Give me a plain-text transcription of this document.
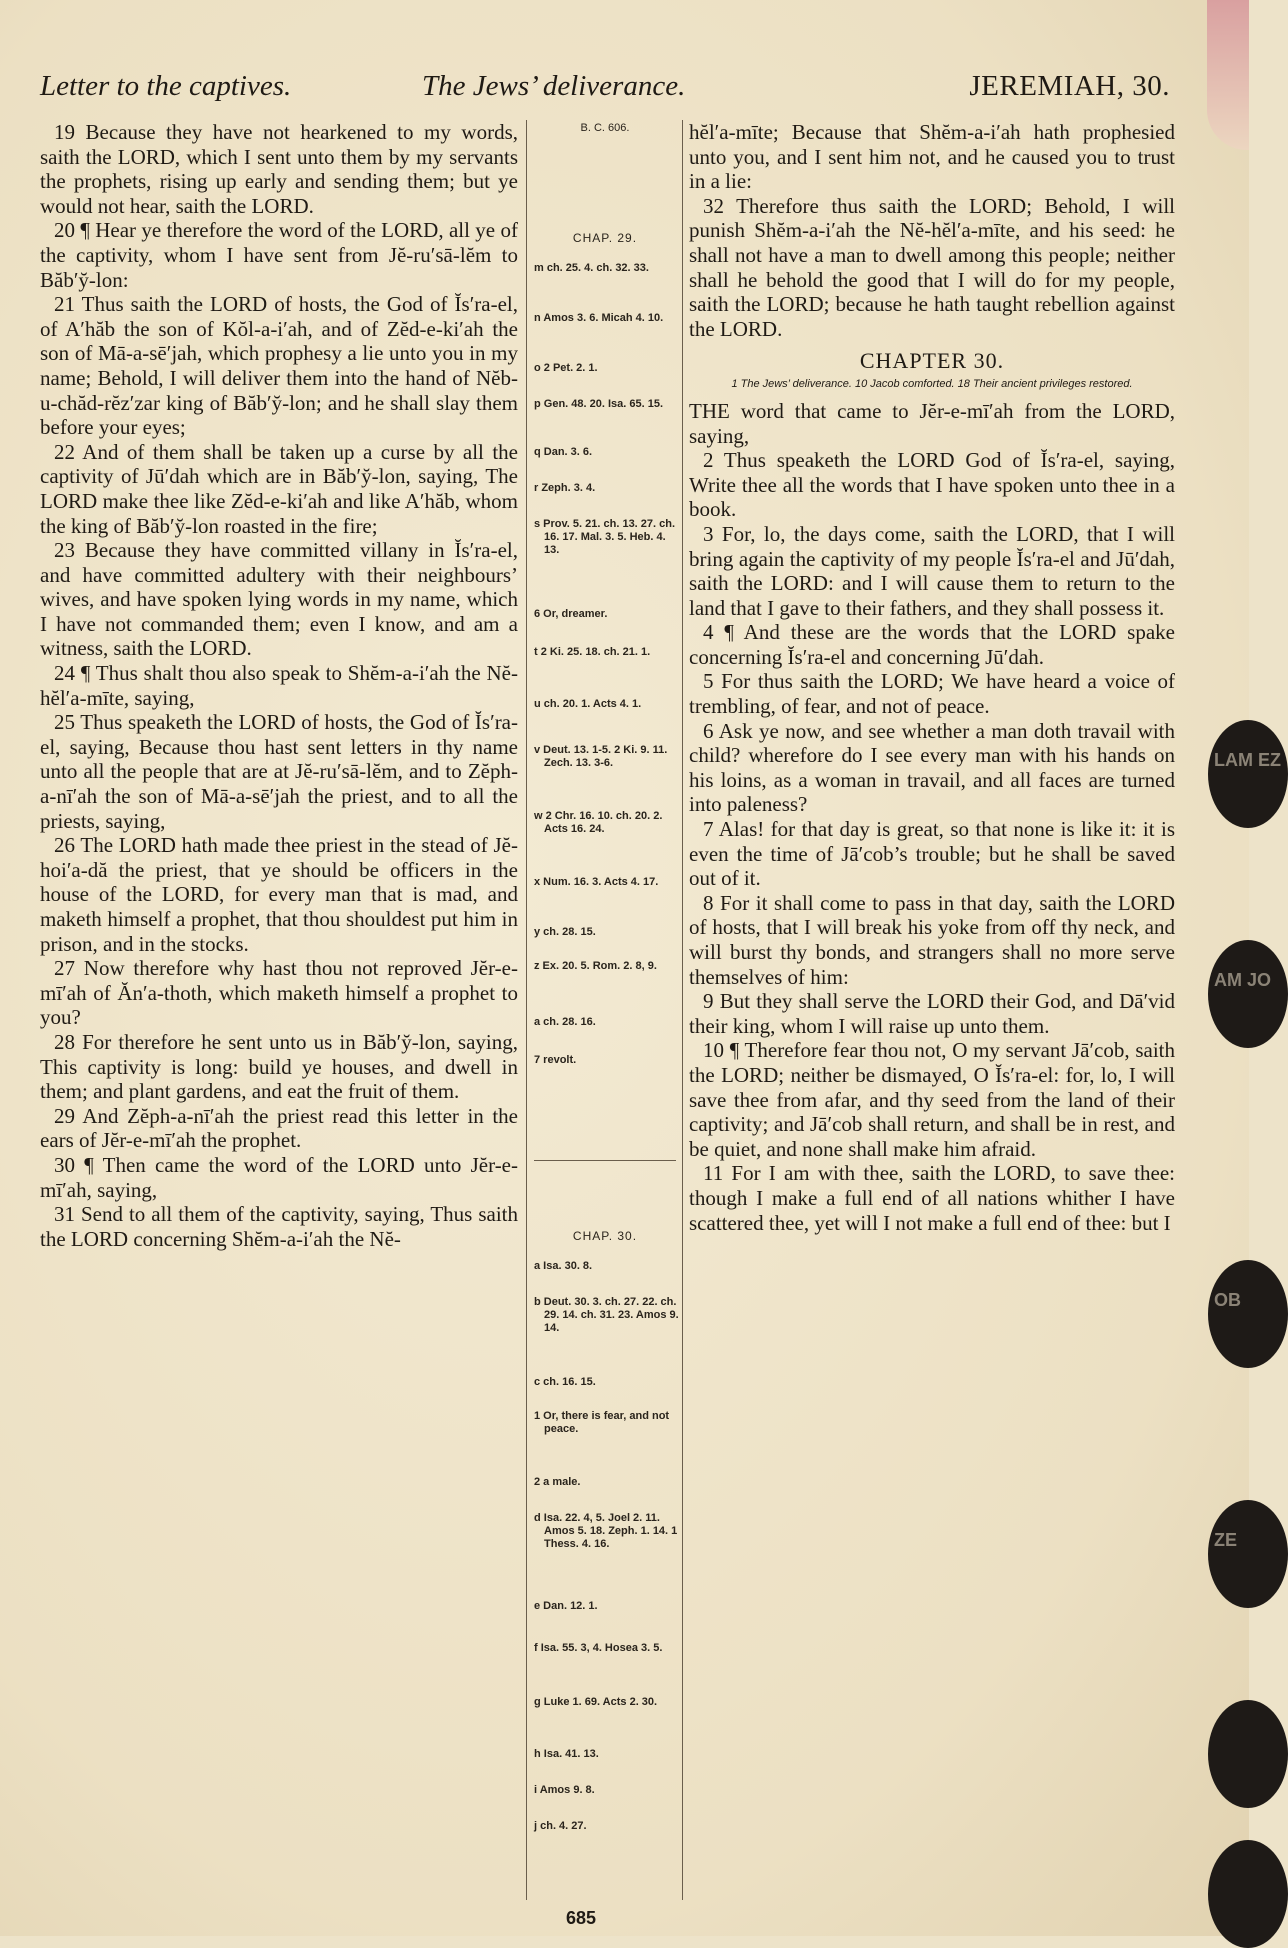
Letter to the captives.	The Jews’ deliverance.	JEREMIAH, 30.

19 Because they have not hearkened to my words, saith the LORD, which I sent unto them by my servants the prophets, rising up early and sending them; but ye would not hear, saith the LORD.

20 ¶ Hear ye therefore the word of the LORD, all ye of the captivity, whom I have sent from Jĕ-ru′sā-lĕm to Băb′y̆-lon:

21 Thus saith the LORD of hosts, the God of Ĭs′ra-el, of A′hăb the son of Kŏl-a-i′ah, and of Zĕd-e-ki′ah the son of Mā-a-sē′jah, which prophesy a lie unto you in my name; Behold, I will deliver them into the hand of Nĕb-u-chăd-rĕz′zar king of Băb′y̆-lon; and he shall slay them before your eyes;

22 And of them shall be taken up a curse by all the captivity of Jū′dah which are in Băb′y̆-lon, saying, The LORD make thee like Zĕd-e-ki′ah and like A′hăb, whom the king of Băb′y̆-lon roasted in the fire;

23 Because they have committed villany in Ĭs′ra-el, and have committed adultery with their neighbours’ wives, and have spoken lying words in my name, which I have not commanded them; even I know, and am a witness, saith the LORD.

24 ¶ Thus shalt thou also speak to Shĕm-a-i′ah the Nĕ-hĕl′a-mīte, saying,

25 Thus speaketh the LORD of hosts, the God of Ĭs′ra-el, saying, Because thou hast sent letters in thy name unto all the people that are at Jĕ-ru′sā-lĕm, and to Zĕph-a-nī′ah the son of Mā-a-sē′jah the priest, and to all the priests, saying,

26 The LORD hath made thee priest in the stead of Jĕ-hoi′a-dă the priest, that ye should be officers in the house of the LORD, for every man that is mad, and maketh himself a prophet, that thou shouldest put him in prison, and in the stocks.

27 Now therefore why hast thou not reproved Jĕr-e-mī′ah of Ăn′a-thoth, which maketh himself a prophet to you?

28 For therefore he sent unto us in Băb′y̆-lon, saying, This captivity is long: build ye houses, and dwell in them; and plant gardens, and eat the fruit of them.

29 And Zĕph-a-nī′ah the priest read this letter in the ears of Jĕr-e-mī′ah the prophet.

30 ¶ Then came the word of the LORD unto Jĕr-e-mī′ah, saying,

31 Send to all them of the captivity, saying, Thus saith the LORD concerning Shĕm-a-i′ah the Nĕ-

B. C. 606.
CHAP. 29.
m ch. 25. 4. ch. 32. 33.
n Amos 3. 6. Micah 4. 10.
o 2 Pet. 2. 1.
p Gen. 48. 20. Isa. 65. 15.
q Dan. 3. 6.
r Zeph. 3. 4.
s Prov. 5. 21. ch. 13. 27. ch. 16. 17. Mal. 3. 5. Heb. 4. 13.
6 Or, dreamer.
t 2 Ki. 25. 18. ch. 21. 1.
u ch. 20. 1. Acts 4. 1.
v Deut. 13. 1-5. 2 Ki. 9. 11. Zech. 13. 3-6.
w 2 Chr. 16. 10. ch. 20. 2. Acts 16. 24.
x Num. 16. 3. Acts 4. 17.
y ch. 28. 15.
z Ex. 20. 5. Rom. 2. 8, 9.
a ch. 28. 16.
7 revolt.
CHAP. 30.
a Isa. 30. 8.
b Deut. 30. 3. ch. 27. 22. ch. 29. 14. ch. 31. 23. Amos 9. 14.
c ch. 16. 15.
1 Or, there is fear, and not peace.
2 a male.
d Isa. 22. 4, 5. Joel 2. 11. Amos 5. 18. Zeph. 1. 14. 1 Thess. 4. 16.
e Dan. 12. 1.
f Isa. 55. 3, 4. Hosea 3. 5.
g Luke 1. 69. Acts 2. 30.
h Isa. 41. 13.
i Amos 9. 8.
j ch. 4. 27.

hĕl′a-mīte; Because that Shĕm-a-i′ah hath prophesied unto you, and I sent him not, and he caused you to trust in a lie:

32 Therefore thus saith the LORD; Behold, I will punish Shĕm-a-i′ah the Nĕ-hĕl′a-mīte, and his seed: he shall not have a man to dwell among this people; neither shall he behold the good that I will do for my people, saith the LORD; because he hath taught rebellion against the LORD.

CHAPTER 30.
1 The Jews’ deliverance. 10 Jacob comforted. 18 Their ancient privileges restored.

THE word that came to Jĕr-e-mī′ah from the LORD, saying,

2 Thus speaketh the LORD God of Ĭs′ra-el, saying, Write thee all the words that I have spoken unto thee in a book.

3 For, lo, the days come, saith the LORD, that I will bring again the captivity of my people Ĭs′ra-el and Jū′dah, saith the LORD: and I will cause them to return to the land that I gave to their fathers, and they shall possess it.

4 ¶ And these are the words that the LORD spake concerning Ĭs′ra-el and concerning Jū′dah.

5 For thus saith the LORD; We have heard a voice of trembling, of fear, and not of peace.

6 Ask ye now, and see whether a man doth travail with child? wherefore do I see every man with his hands on his loins, as a woman in travail, and all faces are turned into paleness?

7 Alas! for that day is great, so that none is like it: it is even the time of Jā′cob’s trouble; but he shall be saved out of it.

8 For it shall come to pass in that day, saith the LORD of hosts, that I will break his yoke from off thy neck, and will burst thy bonds, and strangers shall no more serve themselves of him:

9 But they shall serve the LORD their God, and Dā′vid their king, whom I will raise up unto them.

10 ¶ Therefore fear thou not, O my servant Jā′cob, saith the LORD; neither be dismayed, O Ĭs′ra-el: for, lo, I will save thee from afar, and thy seed from the land of their captivity; and Jā′cob shall return, and shall be in rest, and be quiet, and none shall make him afraid.

11 For I am with thee, saith the LORD, to save thee: though I make a full end of all nations whither I have scattered thee, yet will I not make a full end of thee: but I

LAM EZ
AM JO
OB
ZE
685
